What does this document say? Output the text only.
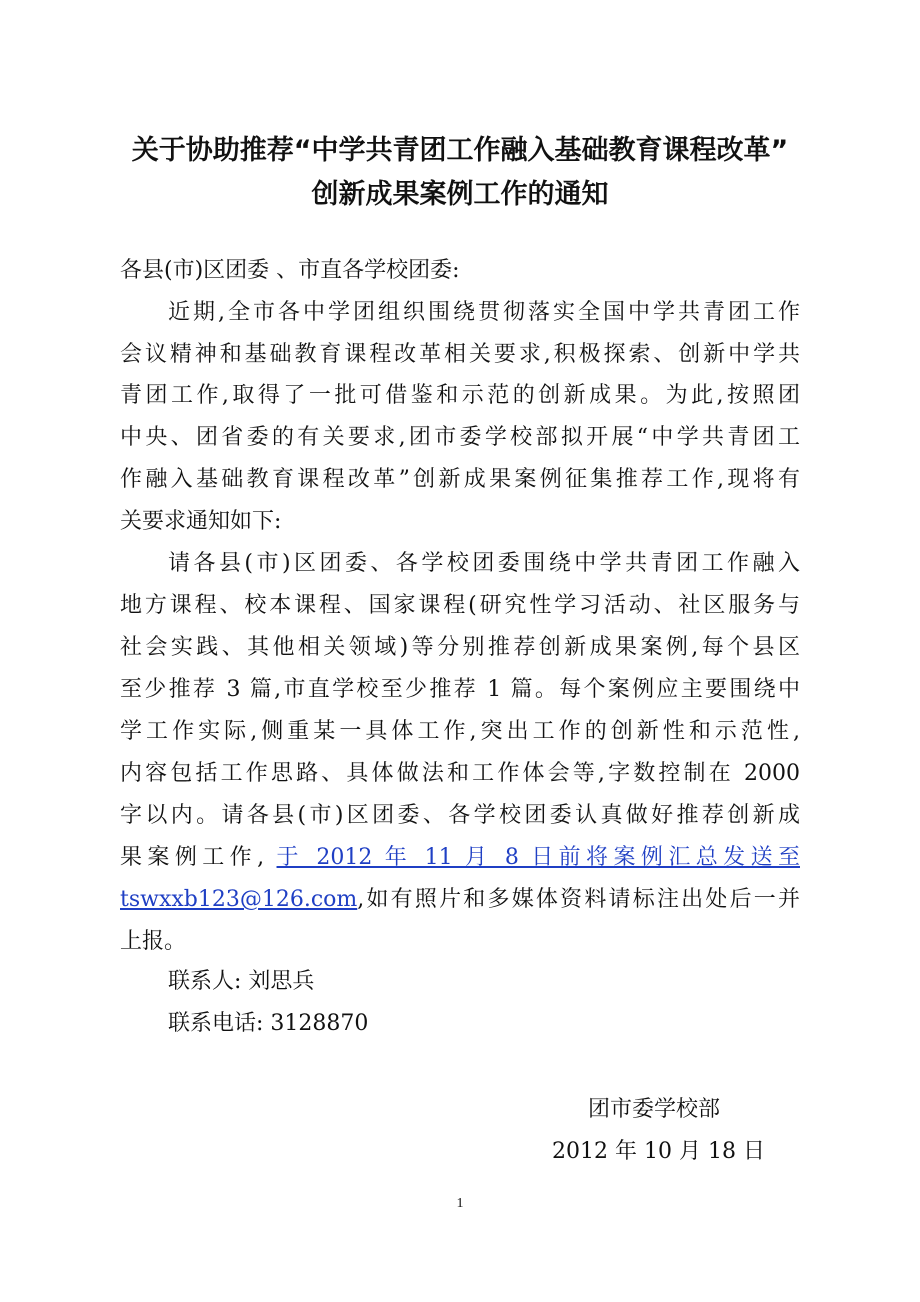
关于协助推荐“中学共青团工作融入基础教育课程改革”
创新成果案例工作的通知
各县(市)区团委 、市直各学校团委:
近期,全市各中学团组织围绕贯彻落实全国中学共青团工作
会议精神和基础教育课程改革相关要求,积极探索、创新中学共
青团工作,取得了一批可借鉴和示范的创新成果。为此,按照团
中央、团省委的有关要求,团市委学校部拟开展“中学共青团工
作融入基础教育课程改革”创新成果案例征集推荐工作,现将有
关要求通知如下:
请各县(市)区团委、各学校团委围绕中学共青团工作融入
地方课程、校本课程、国家课程(研究性学习活动、社区服务与
社会实践、其他相关领域)等分别推荐创新成果案例,每个县区
至少推荐 3 篇,市直学校至少推荐 1 篇。每个案例应主要围绕中
学工作实际,侧重某一具体工作,突出工作的创新性和示范性,
内容包括工作思路、具体做法和工作体会等,字数控制在 2000
字以内。请各县(市)区团委、各学校团委认真做好推荐创新成
果案例工作, 于 2012 年 11 月 8 日前将案例汇总发送至
tswxxb123@126.com,如有照片和多媒体资料请标注出处后一并
上报。
联系人: 刘思兵
联系电话: 3128870
团市委学校部
2012 年 10 月 18 日
1
